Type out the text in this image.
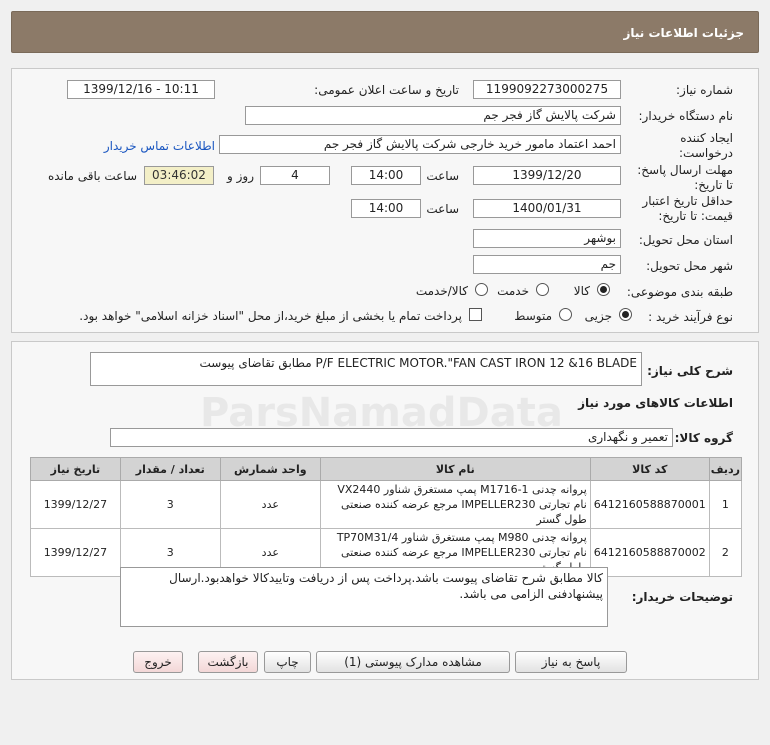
جزئیات اطلاعات نیاز
شماره نیاز:
1199092273000275
تاریخ و ساعت اعلان عمومی:
1399/12/16 - 10:11
نام دستگاه خریدار:
شرکت پالایش گاز فجر جم
ایجاد کننده
درخواست:
احمد اعتماد مامور خرید خارجی شرکت پالایش گاز فجر جم
اطلاعات تماس خریدار
مهلت ارسال پاسخ:
تا تاریخ:
1399/12/20
ساعت
14:00
4
روز و
03:46:02
ساعت باقی مانده
حداقل تاریخ اعتبار
قیمت: تا تاریخ:
1400/01/31
ساعت
14:00
استان محل تحویل:
بوشهر
شهر محل تحویل:
جم
طبقه بندی موضوعی:
کالا
خدمت
کالا/خدمت
نوع فرآیند خرید :
جزیی
متوسط
پرداخت تمام یا بخشی از مبلغ خرید،از محل "اسناد خزانه اسلامی" خواهد بود.
شرح کلی نیاز:
P/F ELECTRIC MOTOR."FAN CAST IRON 12 &16 BLADE مطابق تقاضای پیوست
اطلاعات کالاهای مورد نیاز
گروه کالا:
تعمیر و نگهداری
ردیف	کد کالا	نام کالا	واحد شمارش	تعداد / مقدار	تاریخ نیاز
1	6412160588870001	پروانه چدنی M1716-1 پمپ مستغرق شناور VX2440 نام تجارتی IMPELLER230 مرجع عرضه کننده صنعتی طول گستر	عدد	3	1399/12/27
2	6412160588870002	پروانه چدنی M980 پمپ مستغرق شناور TP70M31/4 نام تجارتی IMPELLER230 مرجع عرضه کننده صنعتی	عدد	3	1399/12/27
توضیحات خریدار:
کالا مطابق شرح تقاضای پیوست باشد.پرداخت پس از دریافت وتاییدکالا خواهدبود.ارسال پیشنهادفنی الزامی می باشد.
پاسخ به نیاز
مشاهده مدارک پیوستی (1)
چاپ
بازگشت
خروج
